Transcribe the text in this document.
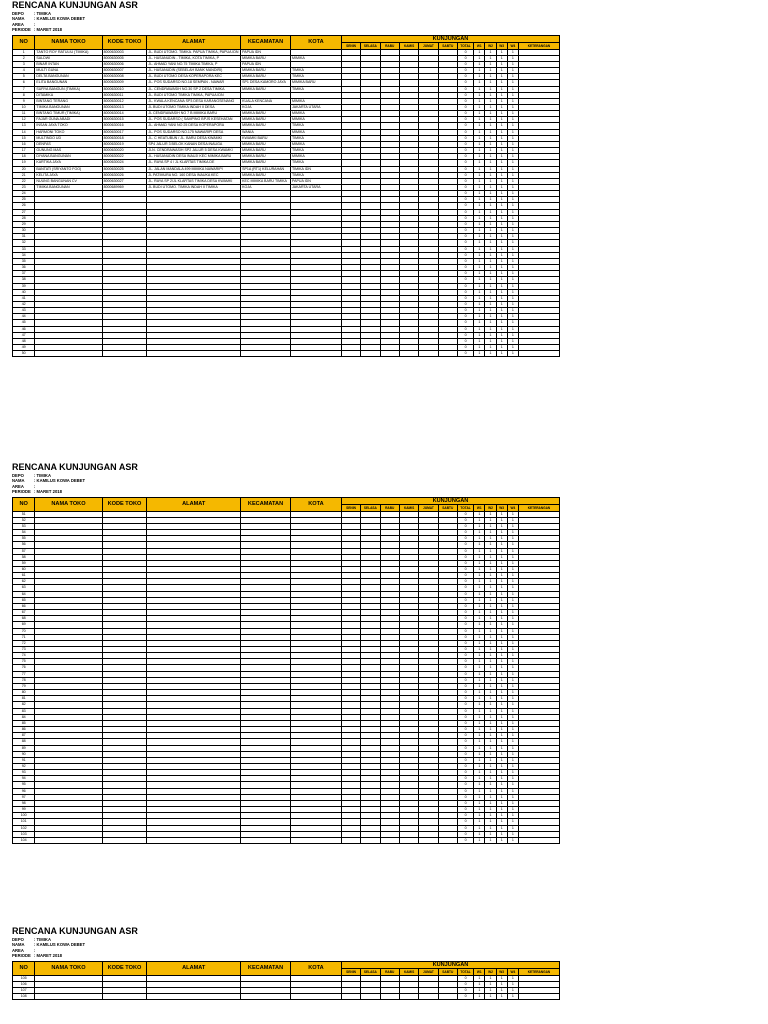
RENCANA KUNJUNGAN ASR
DEPO : TIMIKA
NAMA : KAMILUS KOWA DEBET
AREA :
PERIODE : MARET 2018
NO	NAMA TOKO	KODE TOKO	ALAMAT	KECAMATAN	KOTA	KUNJUNGAN											
						SENIN	SELASA	RABU	KAMIS	JUMAT	SABTU	TOTAL	W1	W2	W3	W4	KETERANGAN
1	TANTO ROY RATULIU (TIMIKA)	8000630003	JL. BUDI UTOMO. TIMIKA. PAPUA TIMIKA, PAPUA IDN	PAPUA IDN								0	1	1	1	1	
2	SALDWI	8000630005	JL. HASANUDIN - TIMIKA, KOTA TIMIKA, P	MIMIKA BARU	MIMIKA							0	1	1	1	1	
3	BINAR INTAN	8000630006	JL. AHMAD YANI NO.75 TIMIKA TIMIKA, P	PAPUA IDN								0	1	1	1	1	
4	MULTI GUNA	8000630007	JL. HASANUDIN (SEBELAH BANK MANDIRI)	MIMIKA BARU	TIMIKA							0	1	1	1	1	
5	DELTA BANGUNAN	8000630008	JL. BUDI UTOMO DESA KOPERAPORA KEC	MIMIKA BARU	TIMIKA							0	1	1	1	1	
6	ELITA BANGUNAN	8000630009	JL. POS SUDARSO NO.18 SEMPAN - NAWAR	SP1 DESA KAMORO JAYA	MIMIKA BARU							0	1	1	1	1	
7	SURYA BANGUN (TIMIKA)	8000630010	JL. CENDRAWASIH NO.30 SP 2 DESA TIMIKA	MIMIKA BARU	TIMIKA							0	1	1	1	1	
8	DITAMIKA	8000630011	JL. BUDI UTOMO TIMIKA TIMIKA, PAPUA IDN									0	1	1	1	1	
9	BINTANG TERANG	8000630012	JL. KWALA KENCANA SP3 DESA KARANGSENANG	KUALA KENCANA	MIMIKA							0	1	1	1	1	
10	TIMIKA BANGUNAN	8000630013	JL BUDI UTOMO TIMIKA INDAH II DESA	KOJA	JAKARTA UTARA							0	1	1	1	1	
11	BINTANG TIMUR (TIMIKA)	8000630014	JL CENDRAWASIH NO 7 B MIMIKA BARU	MIMIKA BARU	MIMIKA							0	1	1	1	1	
12	FAJAR GUNA ABADI	8000630015	JL. POS SUDARSO ( SAMPING BPJS KESEHATAN	MIMIKA BARU	MIMIKA							0	1	1	1	1	
13	INSAN JAYA TOKO	8000630016	JL. AHMAD YANI NO 25 DESA KOPERAPORA	MIMIKA BARU	TIMIKA							0	1	1	1	1	
14	HARMONI TOKO	8000630017	JL. POS SUDARSO NO.175 NAWARIPI DESA	WANIA	MIMIKA							0	1	1	1	1	
15	MULTINDO UD	8000630018	JL. C HEATUBUN / JL. BARU DESA KWAMKI	KWAMKI BARU	TIMIKA							0	1	1	1	1	
16	DENFAS	8000630019	SP4 JALUR 3 BELOK KANAN DESA INAUGA	MIMIKA BARU	MIMIKA							0	1	1	1	1	
17	GUNUNG MAS	8000630020	JLN. CENDRAWASIH SP2 JALUR 5 DESA KWAMKI	MIMIKA BARU	TIMIKA							0	1	1	1	1	
18	DIYANA BANGUNAN	8000630022	JL. HASANUDIN DESA INAUJI KEC MIMIKA BARU	MIMIKA BARU	MIMIKA							0	1	1	1	1	
19	KARTIKA JAYA	8000630024	JL. RAYA SP 4 / JL KLARTAS TIMIKA DE	MIMIKA BARU	TIMIKA							0	1	1	1	1	
20	BANTATI (SRIYANTO FOO)	8000630025	JL. JALAN MANDALA 499 MIMIKA NAWARIPI	SP1A (RT1) KELURAHAN	TIMIKA IDN							0	1	1	1	1	
21	KELITA JAYA	8000630026	JL PATIMURA NO. 160 DESA INAUKA KEC	MIMIKA BARU	TIMIKA							0	1	1	1	1	
22	NUUNG BANGUNAN CV	8000630027	JL. RAYA SP 2/JL KLARTAS TIMIKA DESA KWAMKI	KEC MIMIKA BARU TIMIKA	PAPUA IDN							0	1	1	1	1	
23	TIMIKA BANGUNAN	8000689969	JL BUDI UTOMO. TIMIKA INDAH II TIMIKA	KOJA	JAKARTA UTARA							0	1	1	1	1	
24												0	1	1	1	1	
25												0	1	1	1	1	
26												0	1	1	1	1	
27												0	1	1	1	1	
28												0	1	1	1	1	
29												0	1	1	1	1	
30												0	1	1	1	1	
31												0	1	1	1	1	
32												0	1	1	1	1	
33												0	1	1	1	1	
34												0	1	1	1	1	
35												0	1	1	1	1	
36												0	1	1	1	1	
37												0	1	1	1	1	
38												0	1	1	1	1	
39												0	1	1	1	1	
40												0	1	1	1	1	
41												0	1	1	1	1	
42												0	1	1	1	1	
43												0	1	1	1	1	
44												0	1	1	1	1	
45												0	1	1	1	1	
46												0	1	1	1	1	
47												0	1	1	1	1	
48												0	1	1	1	1	
49												0	1	1	1	1	
50												0	1	1	1	1	
RENCANA KUNJUNGAN ASR
DEPO : TIMIKA
NAMA : KAMILUS KOWA DEBET
AREA :
PERIODE : MARET 2018
NO	NAMA TOKO	KODE TOKO	ALAMAT	KECAMATAN	KOTA	KUNJUNGAN											
						SENIN	SELASA	RABU	KAMIS	JUMAT	SABTU	TOTAL	W1	W2	W3	W4	KETERANGAN
51												0	1	1	1	1	
52												0	1	1	1	1	
53												0	1	1	1	1	
54												0	1	1	1	1	
55												0	1	1	1	1	
56												0	1	1	1	1	
57												0	1	1	1	1	
58												0	1	1	1	1	
59												0	1	1	1	1	
60												0	1	1	1	1	
61												0	1	1	1	1	
62												0	1	1	1	1	
63												0	1	1	1	1	
64												0	1	1	1	1	
65												0	1	1	1	1	
66												0	1	1	1	1	
67												0	1	1	1	1	
68												0	1	1	1	1	
69												0	1	1	1	1	
70												0	1	1	1	1	
71												0	1	1	1	1	
72												0	1	1	1	1	
73												0	1	1	1	1	
74												0	1	1	1	1	
75												0	1	1	1	1	
76												0	1	1	1	1	
77												0	1	1	1	1	
78												0	1	1	1	1	
79												0	1	1	1	1	
80												0	1	1	1	1	
81												0	1	1	1	1	
82												0	1	1	1	1	
83												0	1	1	1	1	
84												0	1	1	1	1	
85												0	1	1	1	1	
86												0	1	1	1	1	
87												0	1	1	1	1	
88												0	1	1	1	1	
89												0	1	1	1	1	
90												0	1	1	1	1	
91												0	1	1	1	1	
92												0	1	1	1	1	
93												0	1	1	1	1	
94												0	1	1	1	1	
95												0	1	1	1	1	
96												0	1	1	1	1	
97												0	1	1	1	1	
98												0	1	1	1	1	
99												0	1	1	1	1	
100												0	1	1	1	1	
101												0	1	1	1	1	
102												0	1	1	1	1	
103												0	1	1	1	1	
104												0	1	1	1	1	
RENCANA KUNJUNGAN ASR
DEPO : TIMIKA
NAMA : KAMILUS KOWA DEBET
AREA :
PERIODE : MARET 2018
NO	NAMA TOKO	KODE TOKO	ALAMAT	KECAMATAN	KOTA	KUNJUNGAN											
						SENIN	SELASA	RABU	KAMIS	JUMAT	SABTU	TOTAL	W1	W2	W3	W4	KETERANGAN
105												0	1	1	1	1	
106												0	1	1	1	1	
107												0	1	1	1	1	
108												0	1	1	1	1	
